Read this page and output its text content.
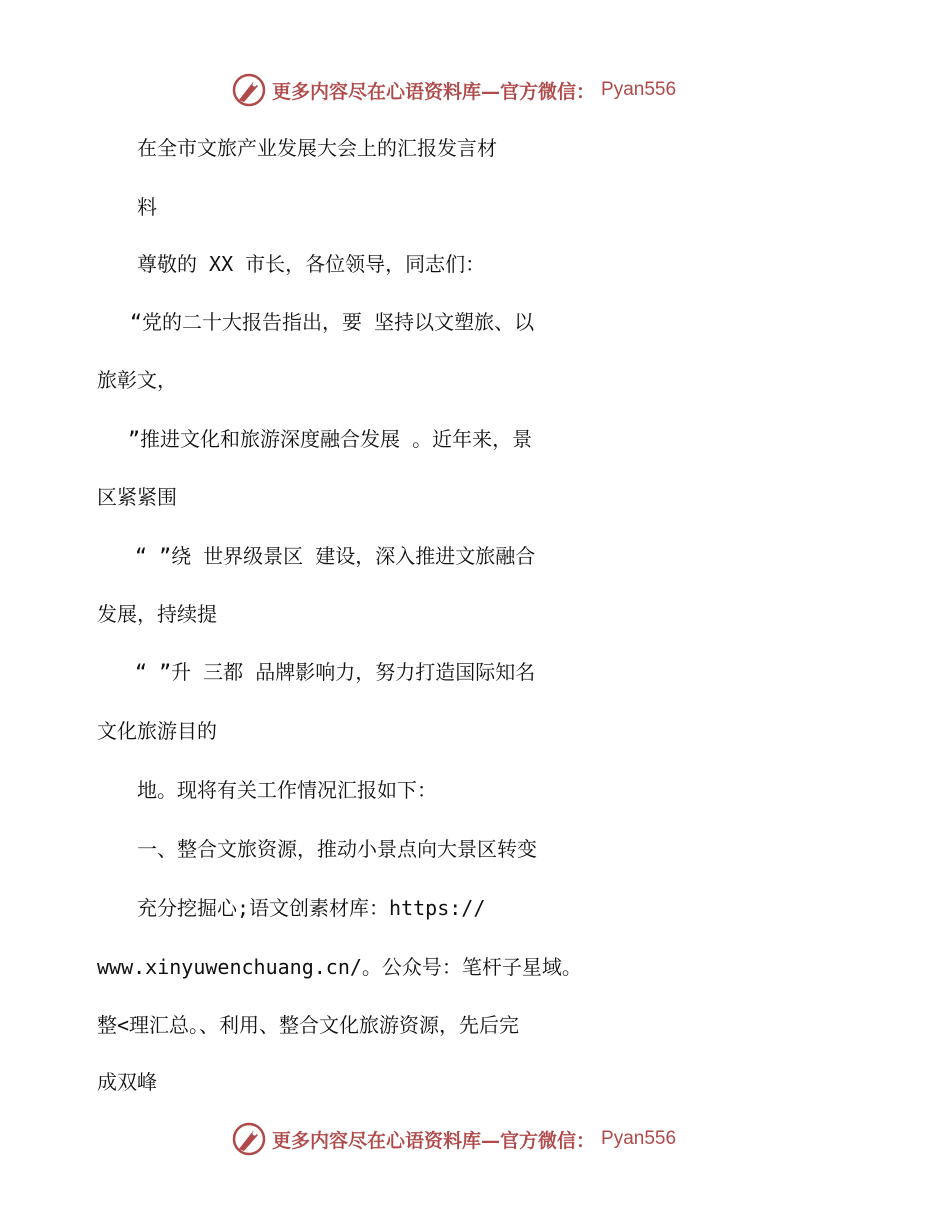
更多内容尽在心语资料库—官方微信： Pyan556

在全市文旅产业发展大会上的汇报发言材

料

尊敬的 XX 市长，各位领导，同志们：

“党的二十大报告指出，要 坚持以文塑旅、以

旅彰文，

”推进文化和旅游深度融合发展 。近年来，景

区紧紧围

“ ”绕 世界级景区 建设，深入推进文旅融合

发展，持续提

“ ”升 三都 品牌影响力，努力打造国际知名

文化旅游目的

地。现将有关工作情况汇报如下：

一、整合文旅资源，推动小景点向大景区转变

充分挖掘心;语文创素材库：https://

www.xinyuwenchuang.cn/。公众号：笔杆子星域。

整<理汇总。、利用、整合文化旅游资源，先后完

成双峰

更多内容尽在心语资料库—官方微信： Pyan556
